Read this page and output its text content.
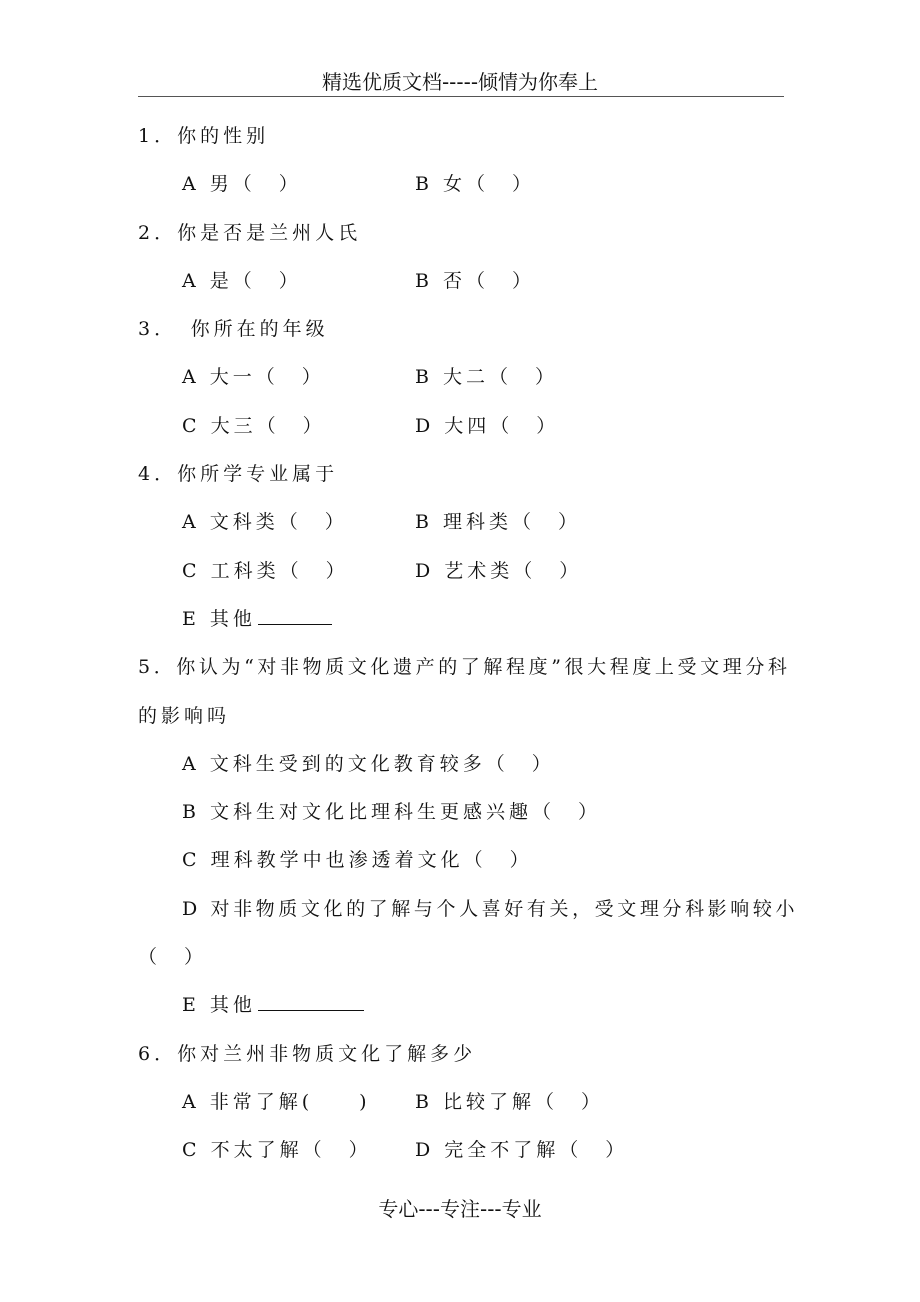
精选优质文档-----倾情为你奉上
1．你的性别
A 男（　）	B 女（　）
2．你是否是兰州人氏
A 是（　）	B 否（　）
3．　你所在的年级
A 大一（　）	B 大二（　）
C 大三（　）	D 大四（　）
4．你所学专业属于
A 文科类（　）	B 理科类（　）
C 工科类（　）	D 艺术类（　）
E 其他
5．你认为“对非物质文化遗产的了解程度”很大程度上受文理分科
的影响吗
A 文科生受到的文化教育较多（　）
B 文科生对文化比理科生更感兴趣（　）
C 理科教学中也渗透着文化（　）
D 对非物质文化的了解与个人喜好有关，受文理分科影响较小
（　）
E 其他
6．你对兰州非物质文化了解多少
A 非常了解(　　) B 比较了解（　）
C 不太了解（　） D 完全不了解（　）
专心---专注---专业
